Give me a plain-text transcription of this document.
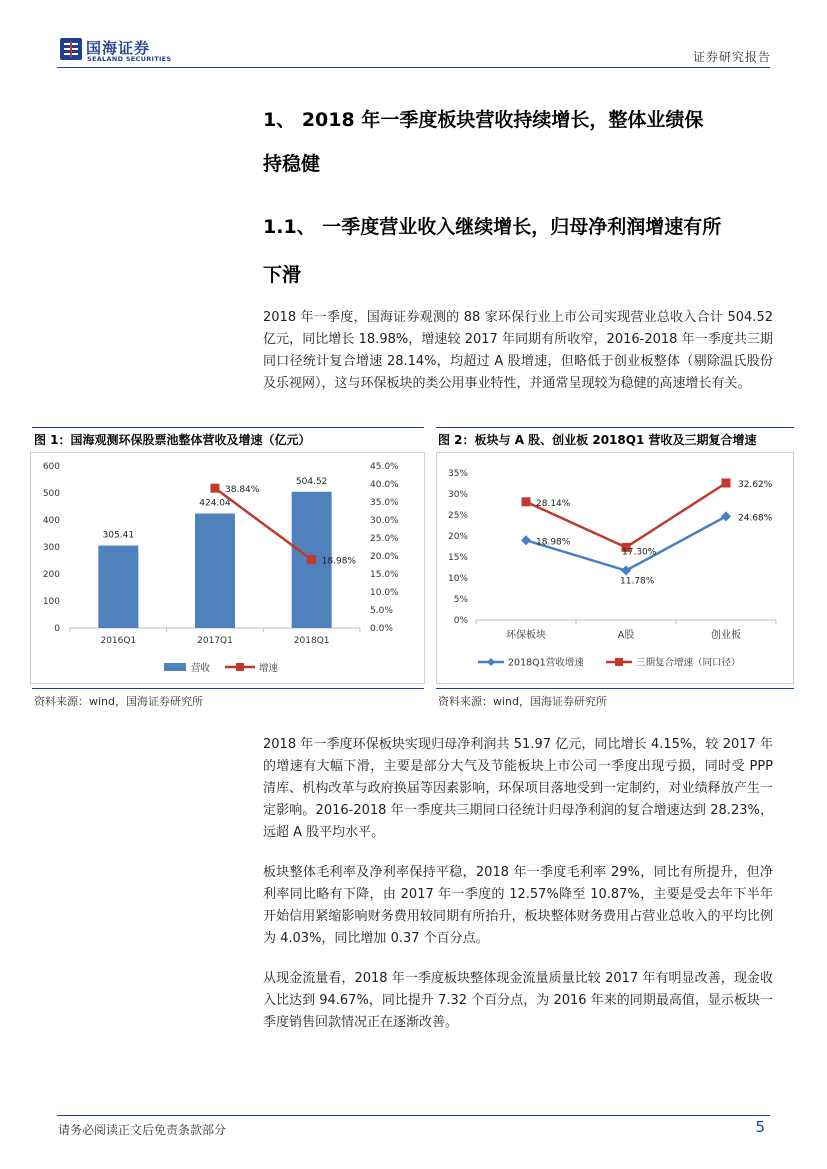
国海证券
SEALAND SECURITIES	证券研究报告
1、 2018 年一季度板块营收持续增长，整体业绩保
持稳健
1.1、 一季度营业收入继续增长，归母净利润增速有所
下滑
2018 年一季度，国海证券观测的 88 家环保行业上市公司实现营业总收入合计 504.52 亿元，同比增长 18.98%，增速较 2017 年同期有所收窄，2016-2018 年一季度共三期同口径统计复合增速 28.14%，均超过 A 股增速，但略低于创业板整体（剔除温氏股份及乐视网），这与环保板块的类公用事业特性，并通常呈现较为稳健的高速增长有关。
图 1：国海观测环保股票池整体营收及增速（亿元）	图 2：板块与 A 股、创业板 2018Q1 营收及三期复合增速
0
100
200
300
400
500
600
0.0%
5.0%
10.0%
15.0%
20.0%
25.0%
30.0%
35.0%
40.0%
45.0%
2016Q1	2017Q1	2018Q1
305.41
424.04
504.52
38.84%
18.98%
营收	增速
0%
5%
10%
15%
20%
25%
30%
35%
环保板块	A股	创业板
18.98%
11.78%
24.68%
28.14%
17.30%
32.62%
2018Q1营收增速	三期复合增速（同口径）
资料来源：wind，国海证券研究所	资料来源：wind，国海证券研究所
2018 年一季度环保板块实现归母净利润共 51.97 亿元，同比增长 4.15%，较 2017 年的增速有大幅下滑，主要是部分大气及节能板块上市公司一季度出现亏损，同时受 PPP 清库、机构改革与政府换届等因素影响，环保项目落地受到一定制约，对业绩释放产生一定影响。2016-2018 年一季度共三期同口径统计归母净利润的复合增速达到 28.23%，远超 A 股平均水平。
板块整体毛利率及净利率保持平稳，2018 年一季度毛利率 29%，同比有所提升，但净利率同比略有下降，由 2017 年一季度的 12.57%降至 10.87%，主要是受去年下半年开始信用紧缩影响财务费用较同期有所抬升，板块整体财务费用占营业总收入的平均比例为 4.03%，同比增加 0.37 个百分点。
从现金流量看，2018 年一季度板块整体现金流量质量比较 2017 年有明显改善，现金收入比达到 94.67%，同比提升 7.32 个百分点，为 2016 年来的同期最高值，显示板块一季度销售回款情况正在逐渐改善。
请务必阅读正文后免责条款部分	5
